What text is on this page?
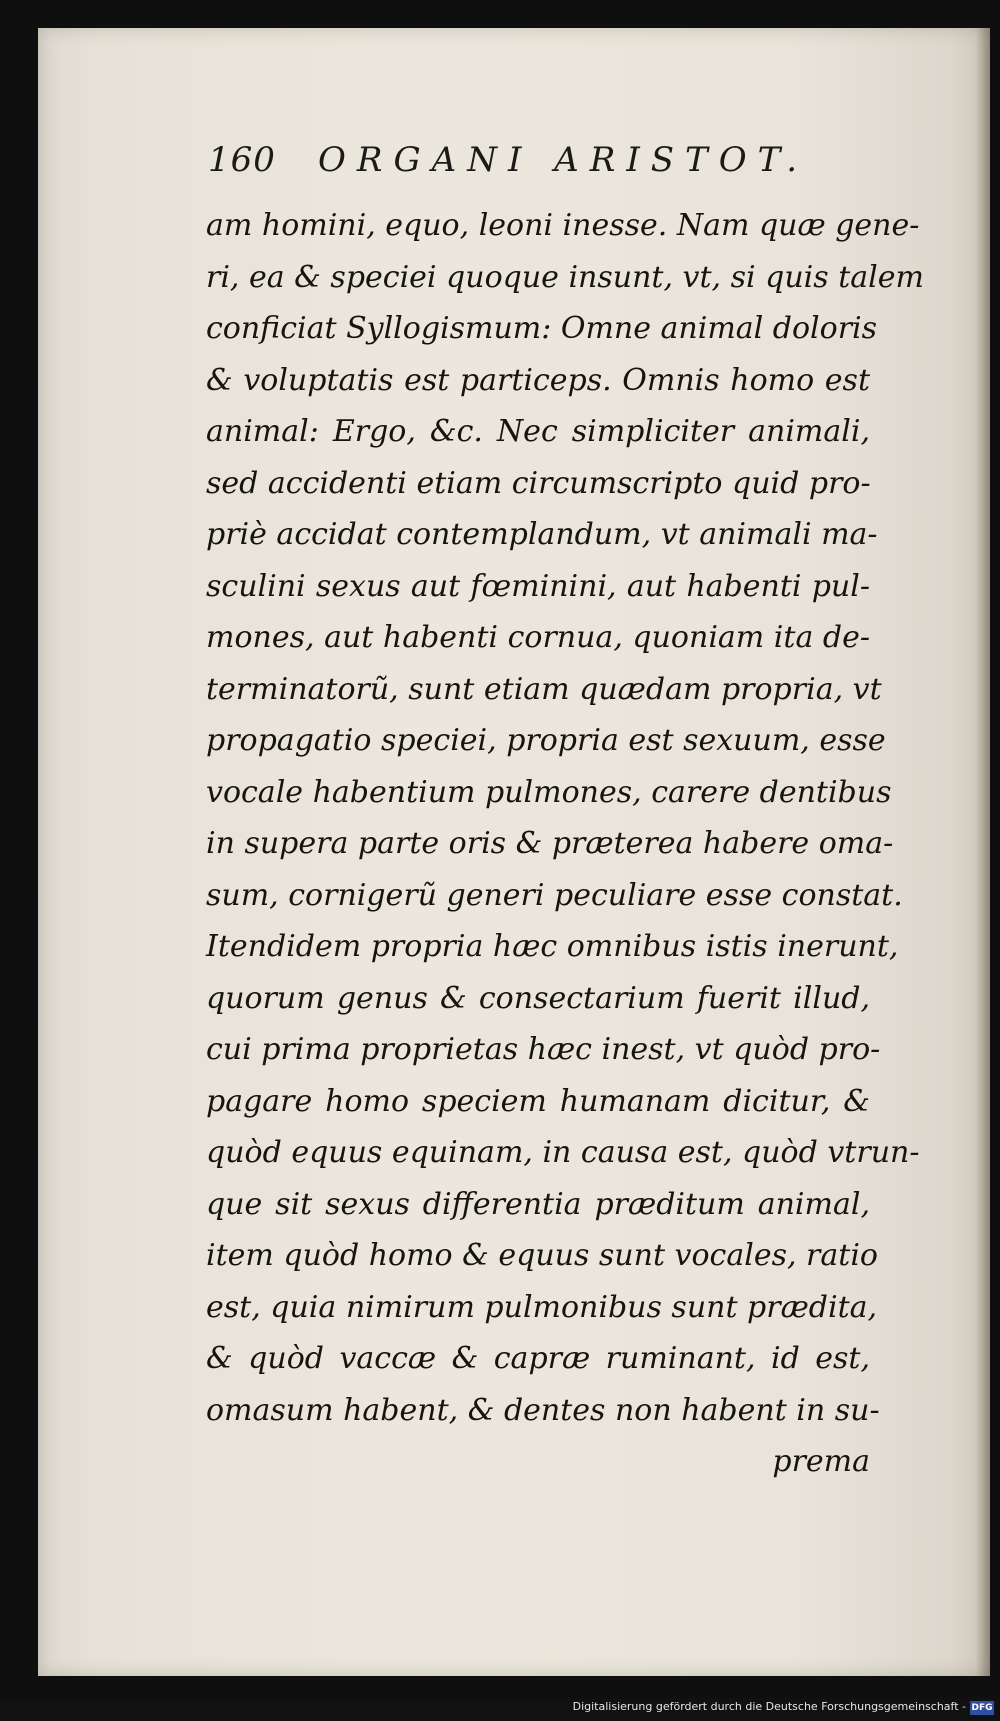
160 ORGANI ARISTOT.
am homini, equo, leoni inesse. Nam quæ gene-
ri, ea & speciei quoque insunt, vt, si quis talem
conficiat Syllogismum: Omne animal doloris
& voluptatis est particeps. Omnis homo est
animal: Ergo, &c. Nec simpliciter animali,
sed accidenti etiam circumscripto quid pro-
priè accidat contemplandum, vt animali ma-
sculini sexus aut fœminini, aut habenti pul-
mones, aut habenti cornua, quoniam ita de-
terminatorũ, sunt etiam quædam propria, vt
propagatio speciei, propria est sexuum, esse
vocale habentium pulmones, carere dentibus
in supera parte oris & præterea habere oma-
sum, cornigerũ generi peculiare esse constat.
Itendidem propria hæc omnibus istis inerunt,
quorum genus & consectarium fuerit illud,
cui prima proprietas hæc inest, vt quòd pro-
pagare homo speciem humanam dicitur, &
quòd equus equinam, in causa est, quòd vtrun-
que sit sexus differentia præditum animal,
item quòd homo & equus sunt vocales, ratio
est, quia nimirum pulmonibus sunt prædita,
& quòd vaccæ & capræ ruminant, id est,
omasum habent, & dentes non habent in su-
prema
Digitalisierung gefördert durch die Deutsche Forschungsgemeinschaft - DFG
